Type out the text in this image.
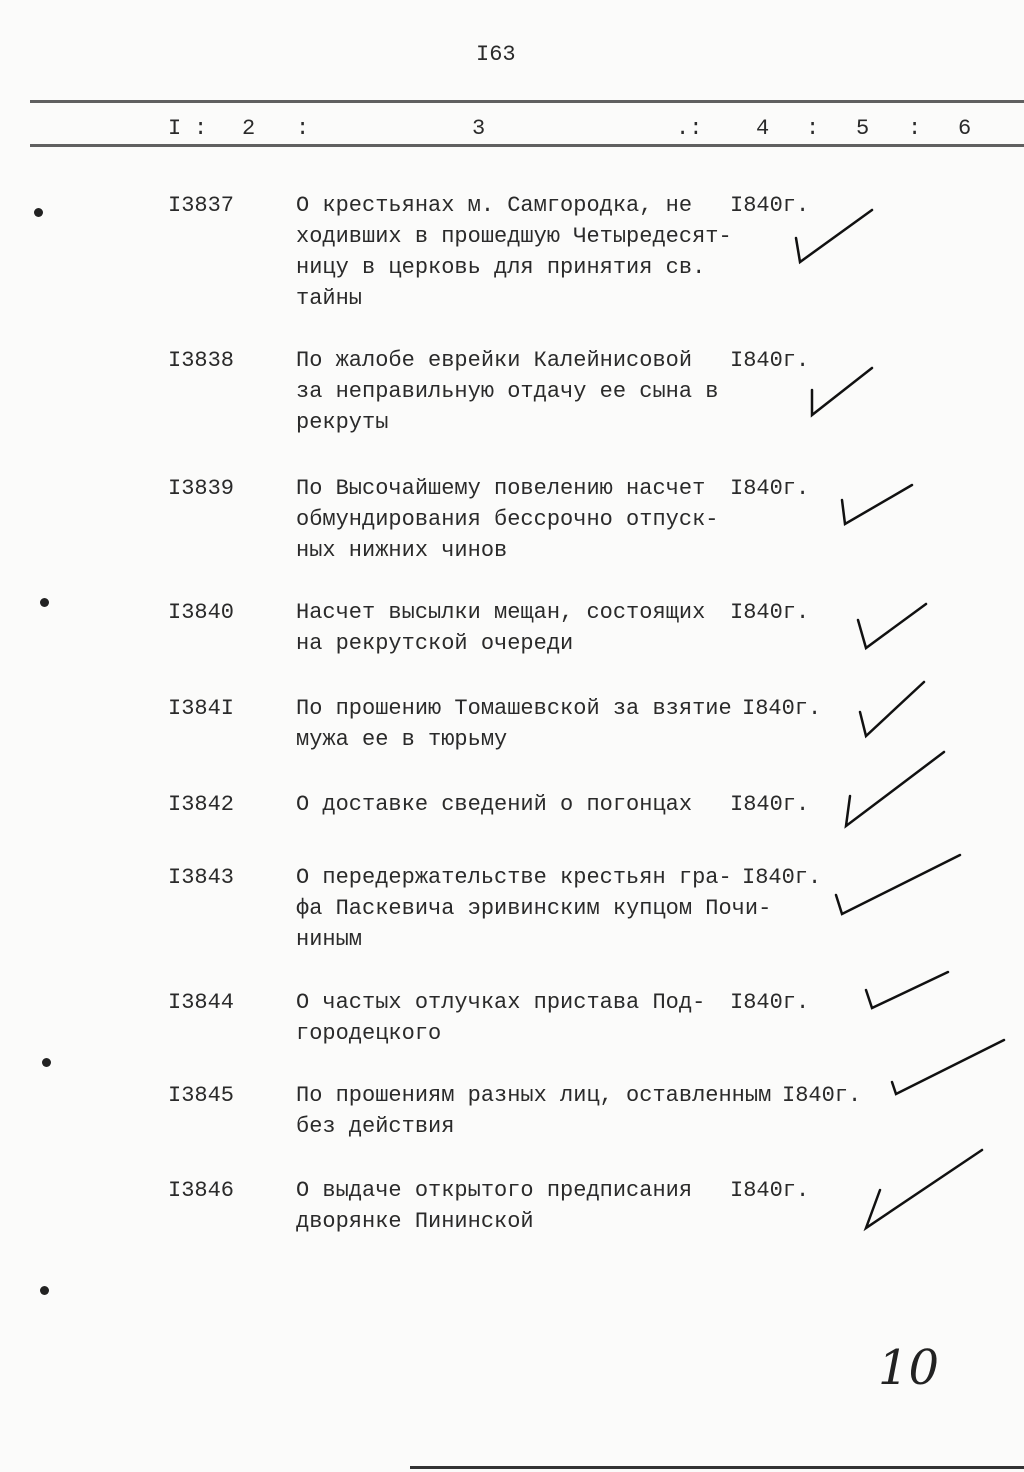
I63
I : 2 :	3	.: 4 : 5 : 6
I3837	О крестьянах м. Самгородка, не
ходивших в прошедшую Четыредесят-
ницу в церковь для принятия св.
тайны
I840г.
I3838	По жалобе еврейки Калейнисовой
за неправильную отдачу ее сына в
рекруты
I840г.
I3839	По Высочайшему повелению насчет
обмундирования бессрочно отпуск-
ных нижних чинов
I840г.
I3840	Насчет высылки мещан, состоящих
на рекрутской очереди
I840г.
I384I	По прошению Томашевской за взятие
мужа ее в тюрьму
I840г.
I3842	О доставке сведений о погонцах I840г.
I3843	О передержательстве крестьян гра-
фа Паскевича эривинским купцом Почи-
ниным
I840г.
I3844	О частых отлучках пристава Под-
городецкого
I840г.
I3845	По прошениям разных лиц, оставленным
без действия
I840г.
I3846	О выдаче открытого предписания
дворянке Пининской
I840г.
10
